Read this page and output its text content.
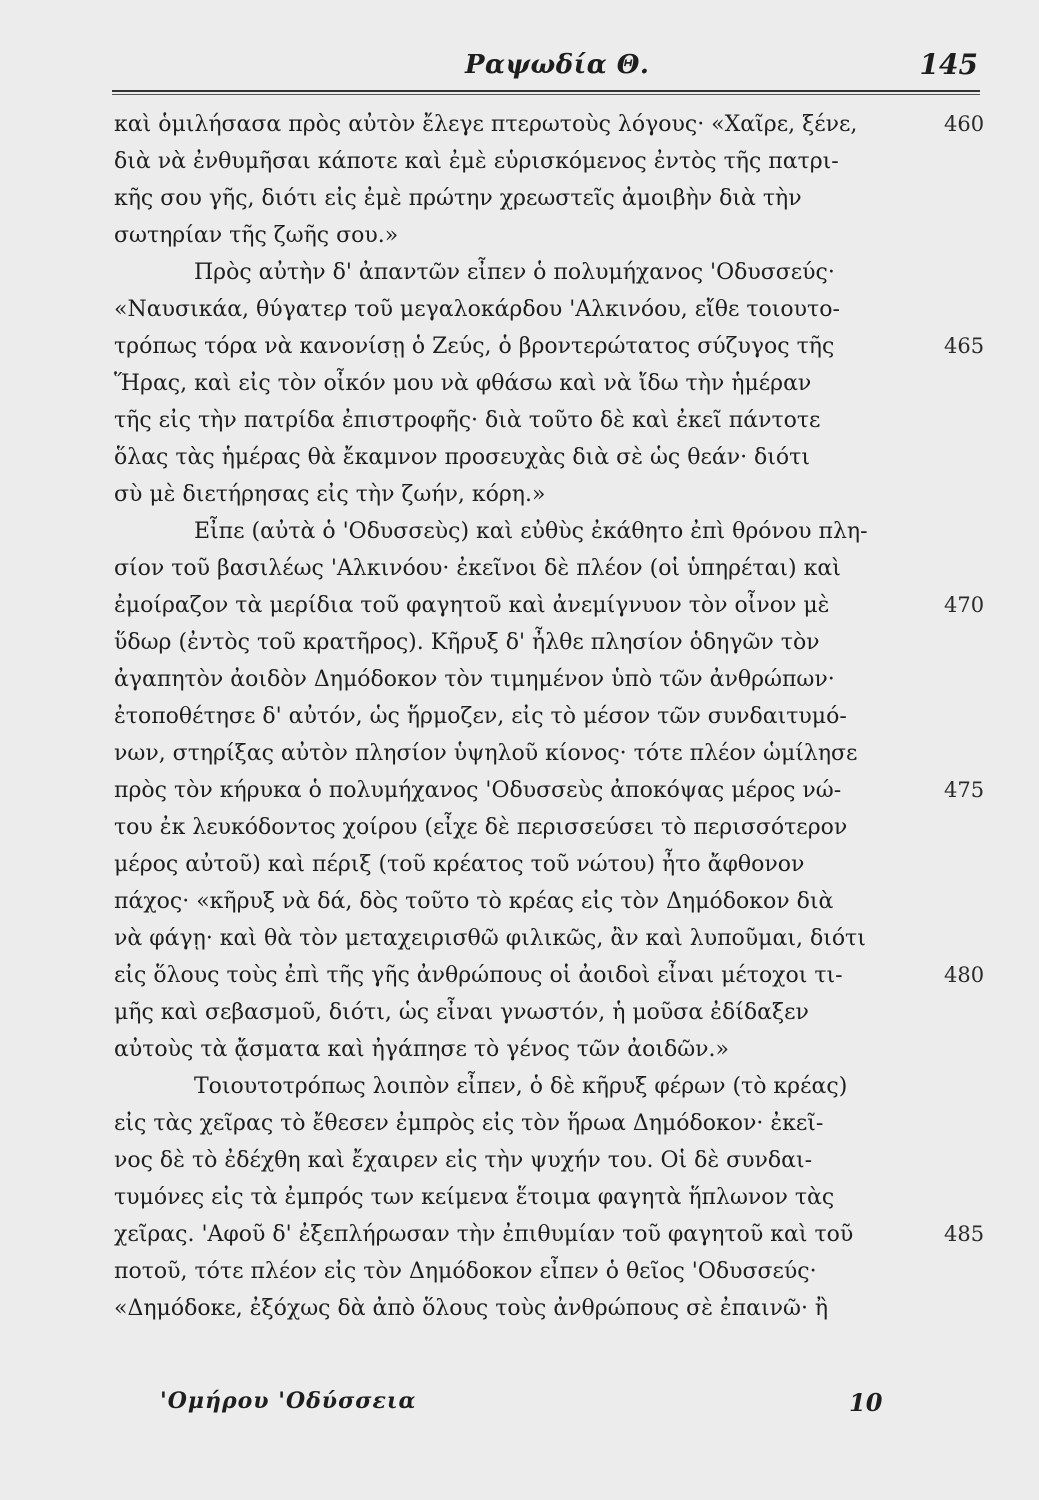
Ραψωδία Θ.	145
καὶ ὁμιλήσασα πρὸς αὐτὸν ἔλεγε πτερωτοὺς λόγους· «Χαῖρε, ξένε,	460
διὰ νὰ ἐνθυμῆσαι κάποτε καὶ ἐμὲ εὑρισκόμενος ἐντὸς τῆς πατρι-
κῆς σου γῆς, διότι εἰς ἐμὲ πρώτην χρεωστεῖς ἀμοιβὴν διὰ τὴν
σωτηρίαν τῆς ζωῆς σου.»
Πρὸς αὐτὴν δ' ἀπαντῶν εἶπεν ὁ πολυμήχανος 'Οδυσσεύς·
«Ναυσικάα, θύγατερ τοῦ μεγαλοκάρδου 'Αλκινόου, εἴθε τοιουτο-
τρόπως τόρα νὰ κανονίσῃ ὁ Ζεύς, ὁ βροντερώτατος σύζυγος τῆς	465
Ἥρας, καὶ εἰς τὸν οἶκόν μου νὰ φθάσω καὶ νὰ ἴδω τὴν ἡμέραν
τῆς εἰς τὴν πατρίδα ἐπιστροφῆς· διὰ τοῦτο δὲ καὶ ἐκεῖ πάντοτε
ὅλας τὰς ἡμέρας θὰ ἔκαμνον προσευχὰς διὰ σὲ ὡς θεάν· διότι
σὺ μὲ διετήρησας εἰς τὴν ζωήν, κόρη.»
Εἶπε (αὐτὰ ὁ 'Οδυσσεὺς) καὶ εὐθὺς ἐκάθητο ἐπὶ θρόνου πλη-
σίον τοῦ βασιλέως 'Αλκινόου· ἐκεῖνοι δὲ πλέον (οἱ ὑπηρέται) καὶ
ἐμοίραζον τὰ μερίδια τοῦ φαγητοῦ καὶ ἀνεμίγνυον τὸν οἶνον μὲ	470
ὕδωρ (ἐντὸς τοῦ κρατῆρος). Κῆρυξ δ' ἦλθε πλησίον ὁδηγῶν τὸν
ἀγαπητὸν ἀοιδὸν Δημόδοκον τὸν τιμημένον ὑπὸ τῶν ἀνθρώπων·
ἐτοποθέτησε δ' αὐτόν, ὡς ἥρμοζεν, εἰς τὸ μέσον τῶν συνδαιτυμό-
νων, στηρίξας αὐτὸν πλησίον ὑψηλοῦ κίονος· τότε πλέον ὡμίλησε
πρὸς τὸν κήρυκα ὁ πολυμήχανος 'Οδυσσεὺς ἀποκόψας μέρος νώ-	475
του ἐκ λευκόδοντος χοίρου (εἶχε δὲ περισσεύσει τὸ περισσότερον
μέρος αὐτοῦ) καὶ πέριξ (τοῦ κρέατος τοῦ νώτου) ἦτο ἄφθονον
πάχος· «κῆρυξ νὰ δά, δὸς τοῦτο τὸ κρέας εἰς τὸν Δημόδοκον διὰ
νὰ φάγῃ· καὶ θὰ τὸν μεταχειρισθῶ φιλικῶς, ἂν καὶ λυποῦμαι, διότι
εἰς ὅλους τοὺς ἐπὶ τῆς γῆς ἀνθρώπους οἱ ἀοιδοὶ εἶναι μέτοχοι τι-	480
μῆς καὶ σεβασμοῦ, διότι, ὡς εἶναι γνωστόν, ἡ μοῦσα ἐδίδαξεν
αὐτοὺς τὰ ᾄσματα καὶ ἠγάπησε τὸ γένος τῶν ἀοιδῶν.»
Τοιουτοτρόπως λοιπὸν εἶπεν, ὁ δὲ κῆρυξ φέρων (τὸ κρέας)
εἰς τὰς χεῖρας τὸ ἔθεσεν ἐμπρὸς εἰς τὸν ἥρωα Δημόδοκον· ἐκεῖ-
νος δὲ τὸ ἐδέχθη καὶ ἔχαιρεν εἰς τὴν ψυχήν του. Οἱ δὲ συνδαι-
τυμόνες εἰς τὰ ἐμπρός των κείμενα ἕτοιμα φαγητὰ ἥπλωνον τὰς
χεῖρας. 'Αφοῦ δ' ἐξεπλήρωσαν τὴν ἐπιθυμίαν τοῦ φαγητοῦ καὶ τοῦ	485
ποτοῦ, τότε πλέον εἰς τὸν Δημόδοκον εἶπεν ὁ θεῖος 'Οδυσσεύς·
«Δημόδοκε, ἐξόχως δὰ ἀπὸ ὅλους τοὺς ἀνθρώπους σὲ ἐπαινῶ· ἢ
'Ομήρου 'Οδύσσεια	10
